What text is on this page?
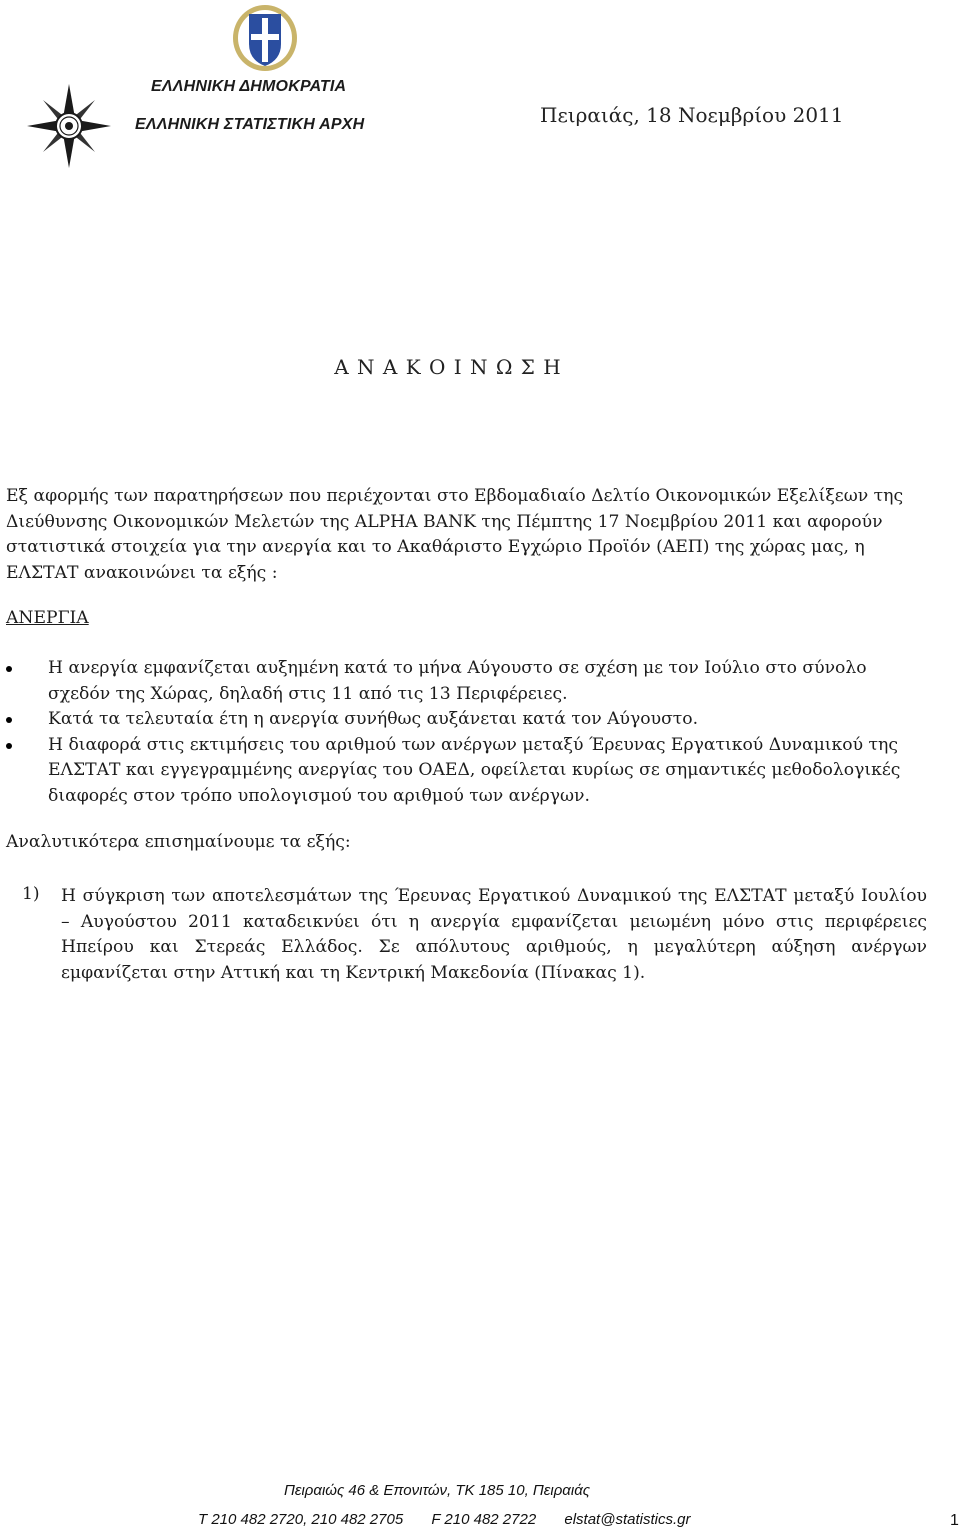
ΕΛΛΗΝΙΚΗ ΔΗΜΟΚΡΑΤΙΑ
ΕΛΛΗΝΙΚΗ ΣΤΑΤΙΣΤΙΚΗ ΑΡΧΗ	Πειραιάς, 18 Νοεμβρίου 2011
Α Ν Α Κ Ο Ι Ν Ω Σ Η
Εξ αφορμής των παρατηρήσεων που περιέχονται στο Εβδομαδιαίο Δελτίο Οικονομικών Εξελίξεων της Διεύθυνσης Οικονομικών Μελετών της ALPHA BANK της Πέμπτης 17 Νοεμβρίου 2011 και αφορούν στατιστικά στοιχεία για την ανεργία και το Ακαθάριστο Εγχώριο Προϊόν (ΑΕΠ) της χώρας μας, η ΕΛΣΤΑΤ ανακοινώνει τα εξής :
ΑΝΕΡΓΙΑ
Η ανεργία εμφανίζεται αυξημένη κατά το μήνα Αύγουστο σε σχέση με τον Ιούλιο στο σύνολο σχεδόν της Χώρας, δηλαδή στις 11 από τις 13 Περιφέρειες.
Κατά τα τελευταία έτη η ανεργία συνήθως αυξάνεται κατά τον Αύγουστο.
Η διαφορά στις εκτιμήσεις του αριθμού των ανέργων μεταξύ Έρευνας Εργατικού Δυναμικού της ΕΛΣΤΑΤ και εγγεγραμμένης ανεργίας του ΟΑΕΔ, οφείλεται κυρίως σε σημαντικές μεθοδολογικές διαφορές στον τρόπο υπολογισμού του αριθμού των ανέργων.
Αναλυτικότερα επισημαίνουμε τα εξής:
1) Η σύγκριση των αποτελεσμάτων της Έρευνας Εργατικού Δυναμικού της ΕΛΣΤΑΤ μεταξύ Ιουλίου – Αυγούστου 2011 καταδεικνύει ότι η ανεργία εμφανίζεται μειωμένη μόνο στις περιφέρειες Ηπείρου και Στερεάς Ελλάδος. Σε απόλυτους αριθμούς, η μεγαλύτερη αύξηση ανέργων εμφανίζεται στην Αττική και τη Κεντρική Μακεδονία (Πίνακας 1).
Πειραιώς 46 & Επονιτών, ΤΚ 185 10, Πειραιάς
T 210 482 2720, 210 482 2705 F 210 482 2722 elstat@statistics.gr	1
